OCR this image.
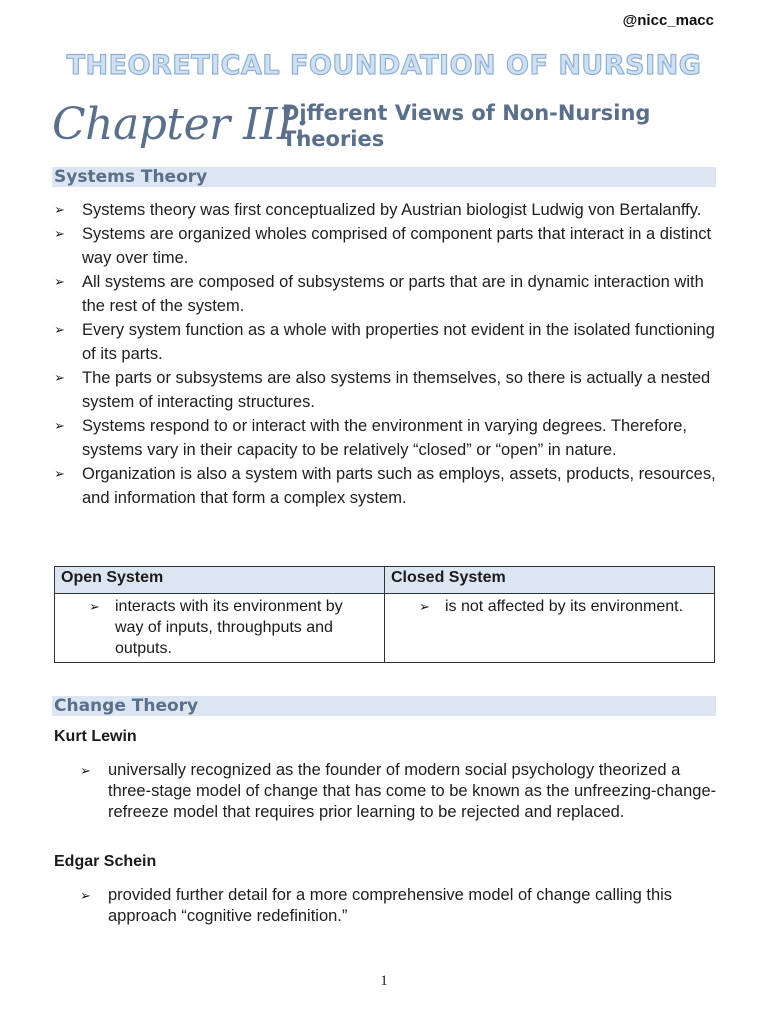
@nicc_macc
THEORETICAL FOUNDATION OF NURSING
Chapter III:
Different Views of Non-Nursing Theories
Systems Theory
➢ Systems theory was first conceptualized by Austrian biologist Ludwig von Bertalanffy.
➢ Systems are organized wholes comprised of component parts that interact in a distinct way over time.
➢ All systems are composed of subsystems or parts that are in dynamic interaction with the rest of the system.
➢ Every system function as a whole with properties not evident in the isolated functioning of its parts.
➢ The parts or subsystems are also systems in themselves, so there is actually a nested system of interacting structures.
➢ Systems respond to or interact with the environment in varying degrees. Therefore, systems vary in their capacity to be relatively “closed” or “open” in nature.
➢ Organization is also a system with parts such as employs, assets, products, resources, and information that form a complex system.
Open System	Closed System

➢ interacts with its environment by way of inputs, throughputs and outputs.	➢ is not affected by its environment.
Change Theory
Kurt Lewin
➢ universally recognized as the founder of modern social psychology theorized a three-stage model of change that has come to be known as the unfreezing-change-refreeze model that requires prior learning to be rejected and replaced.
Edgar Schein
➢ provided further detail for a more comprehensive model of change calling this approach “cognitive redefinition.”
1
